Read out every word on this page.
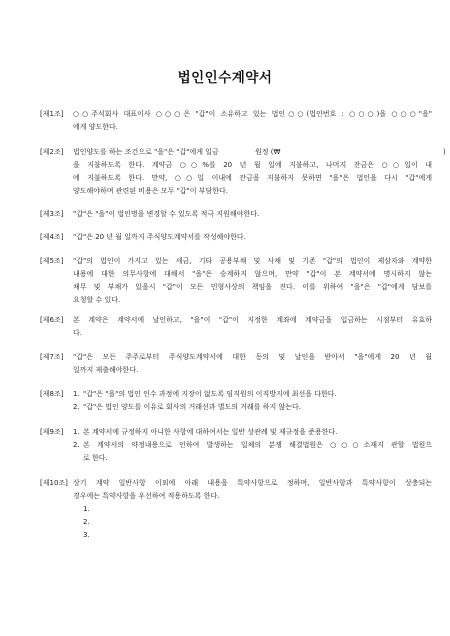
법인인수계약서
[제1조] ○○주식회사 대표이사 ○○○은 "갑"이 소유하고 있는 법인○○(법인번호 : ○○○)을 ○○○"을"
에게 양도한다.
[제2조] 법인양도를 하는 조건으로 "을"은 "갑"에게 일금	원정 (₩	)
을 지불하도록 한다. 계약금 ○○%를 20 년 월 일에 지불하고, 나머지 잔금은 ○○일이 내
에 지불하도록 한다. 만약, ○○일 이내에 잔금을 지불하지 못하면 "을"은 법인을 다시 "갑"에게
양도해야하며 관련된 비용은 모두 "갑"이 부담한다.
[제3조] "갑"은 "을"이 법인명을 변경할 수 있도록 적극 지원해야한다.
[제4조] "갑"은 20 년 월 일까지 주식양도계약서를 작성해야한다.
[제5조] "갑"의 법인이 가지고 있는 세금, 기타 공용부채 및 사채 및 기존 "갑"의 법인이 제삼자와 계약한
내용에 대한 의무사항에 대해서 "을"은 승계하지 않으며, 만약 "갑"이 본 계약서에 명시하지 않는
채무 및 부채가 있을시 "갑"이 모든 민형사상의 책임을 진다. 이를 위하여 "을"은 "갑"에게 담보를
요청할 수 있다.
[제6조] 본 계약은 계약서에 날인하고, "을"이 "갑"이 지정한 계좌에 계약금을 입금하는 시점부터 유효하
다.
[제7조] "갑"은 모든 주주로부터 주식양도계약서에 대한 동의 및 날인을 받아서 "을"에게 20 년 월
일까지 제출해야한다.
[제8조] 1. "갑"은 "을"의 법인 인수 과정에 지장이 없도록 임직원의 이직방지에 최선을 다한다.
2. "갑"은 법인 양도를 이유로 회사의 거래선과 별도의 거래를 하지 않는다.
[제9조] 1. 본 계약서에 규정하지 아니한 사항에 대하여서는 일반 상관례 및 제규정을 준용한다.
2. 본 계약서의 약정내용으로 인하여 발생하는 일체의 분쟁 해결법원은 ○○○소재지 관할 법원으
로 한다.
[제10조] 상기 계약 일반사항 이외에 아래 내용을 특약사항으로 정하며, 일반사항과 특약사항이 상충되는
경우에는 특약사항을 우선하여 적용하도록 한다.
1.
2.
3.
